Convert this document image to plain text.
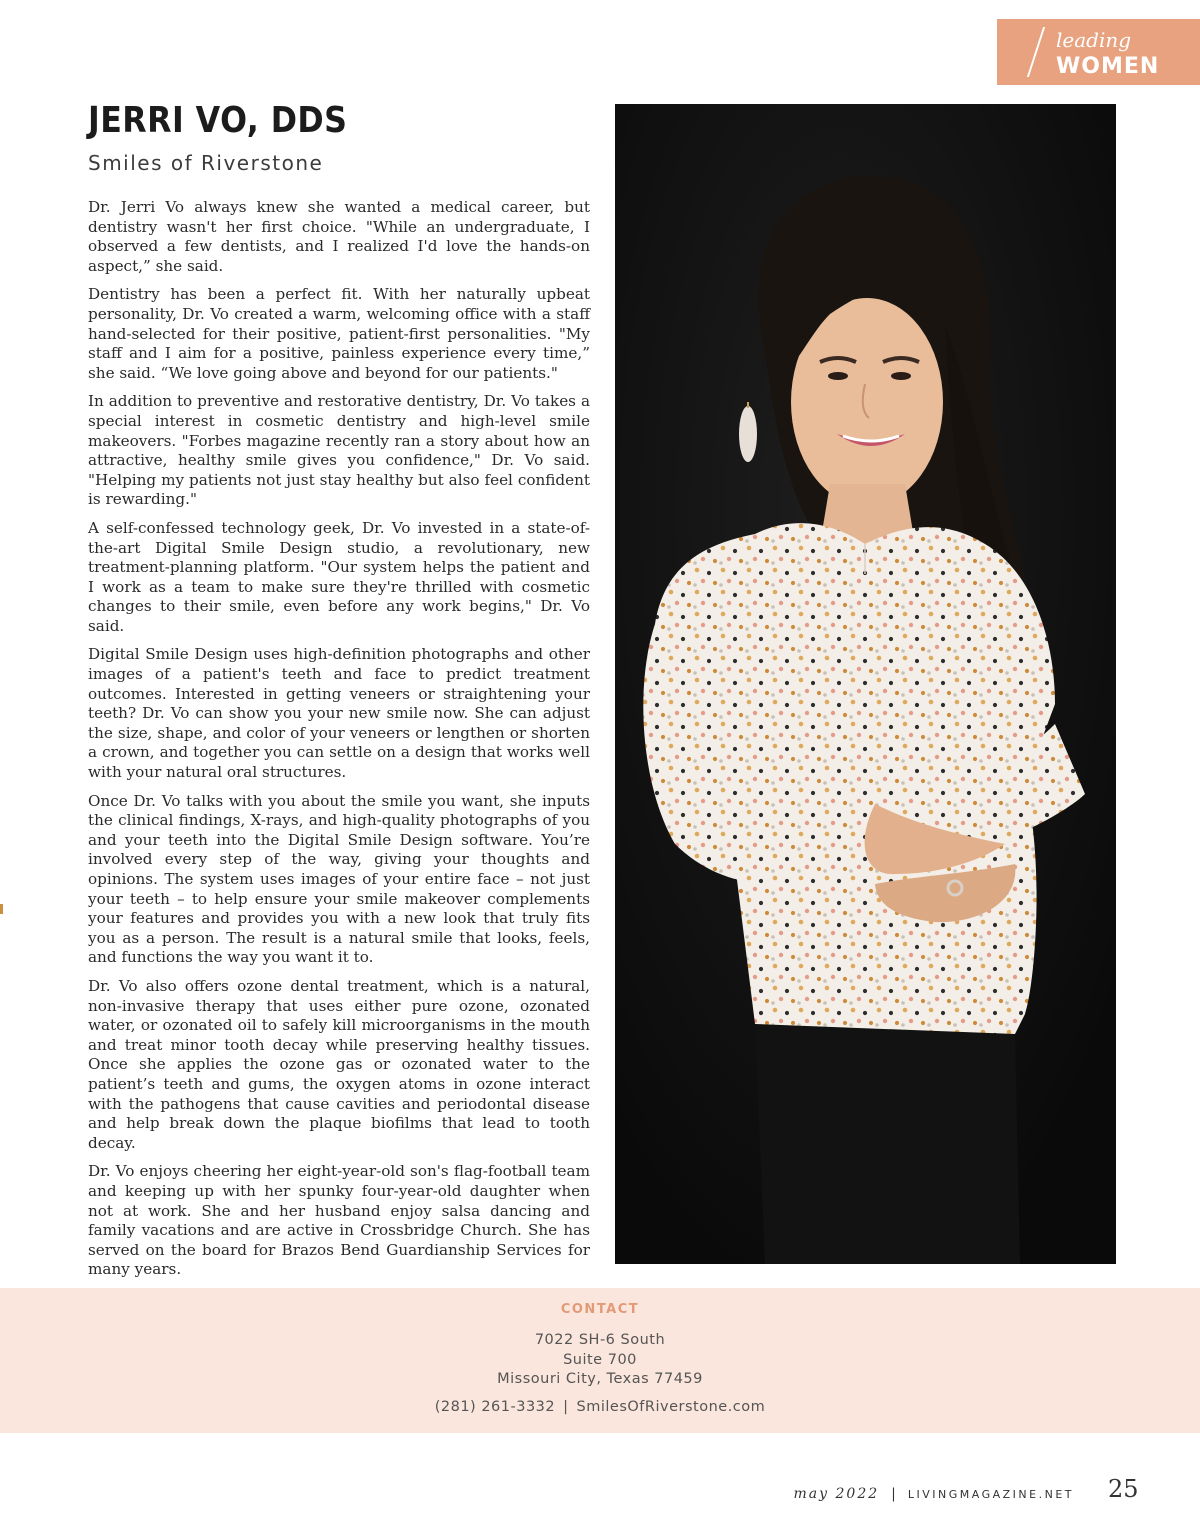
leading
WOMEN
JERRI VO, DDS
Smiles of Riverstone

Dr. Jerri Vo always knew she wanted a medical career, but dentistry wasn't her first choice. "While an undergraduate, I observed a few dentists, and I realized I'd love the hands-on aspect,” she said.

Dentistry has been a perfect fit. With her naturally upbeat personality, Dr. Vo created a warm, welcoming office with a staff hand-selected for their positive, patient-first personalities. "My staff and I aim for a positive, painless experience every time,” she said. “We love going above and beyond for our patients."

In addition to preventive and restorative dentistry, Dr. Vo takes a special interest in cosmetic dentistry and high-level smile makeovers. "Forbes magazine recently ran a story about how an attractive, healthy smile gives you confidence," Dr. Vo said. "Helping my patients not just stay healthy but also feel confident is rewarding."

A self-confessed technology geek, Dr. Vo invested in a state-of-the-art Digital Smile Design studio, a revolutionary, new treatment-planning platform. "Our system helps the patient and I work as a team to make sure they're thrilled with cosmetic changes to their smile, even before any work begins," Dr. Vo said.

Digital Smile Design uses high-definition photographs and other images of a patient's teeth and face to predict treatment outcomes. Interested in getting veneers or straightening your teeth? Dr. Vo can show you your new smile now. She can adjust the size, shape, and color of your veneers or lengthen or shorten a crown, and together you can settle on a design that works well with your natural oral structures.

Once Dr. Vo talks with you about the smile you want, she inputs the clinical findings, X-rays, and high-quality photographs of you and your teeth into the Digital Smile Design software. You’re involved every step of the way, giving your thoughts and opinions. The system uses images of your entire face – not just your teeth – to help ensure your smile makeover complements your features and provides you with a new look that truly fits you as a person. The result is a natural smile that looks, feels, and functions the way you want it to.

Dr. Vo also offers ozone dental treatment, which is a natural, non-invasive therapy that uses either pure ozone, ozonated water, or ozonated oil to safely kill microorganisms in the mouth and treat minor tooth decay while preserving healthy tissues. Once she applies the ozone gas or ozonated water to the patient’s teeth and gums, the oxygen atoms in ozone interact with the pathogens that cause cavities and periodontal disease and help break down the plaque biofilms that lead to tooth decay.

Dr. Vo enjoys cheering her eight-year-old son's flag-football team and keeping up with her spunky four-year-old daughter when not at work. She and her husband enjoy salsa dancing and family vacations and are active in Crossbridge Church. She has served on the board for Brazos Bend Guardianship Services for many years.

CONTACT
7022 SH-6 South
Suite 700
Missouri City, Texas 77459
(281) 261-3332 | SmilesOfRiverstone.com
may 2022 | LIVINGMAGAZINE.NET 25
